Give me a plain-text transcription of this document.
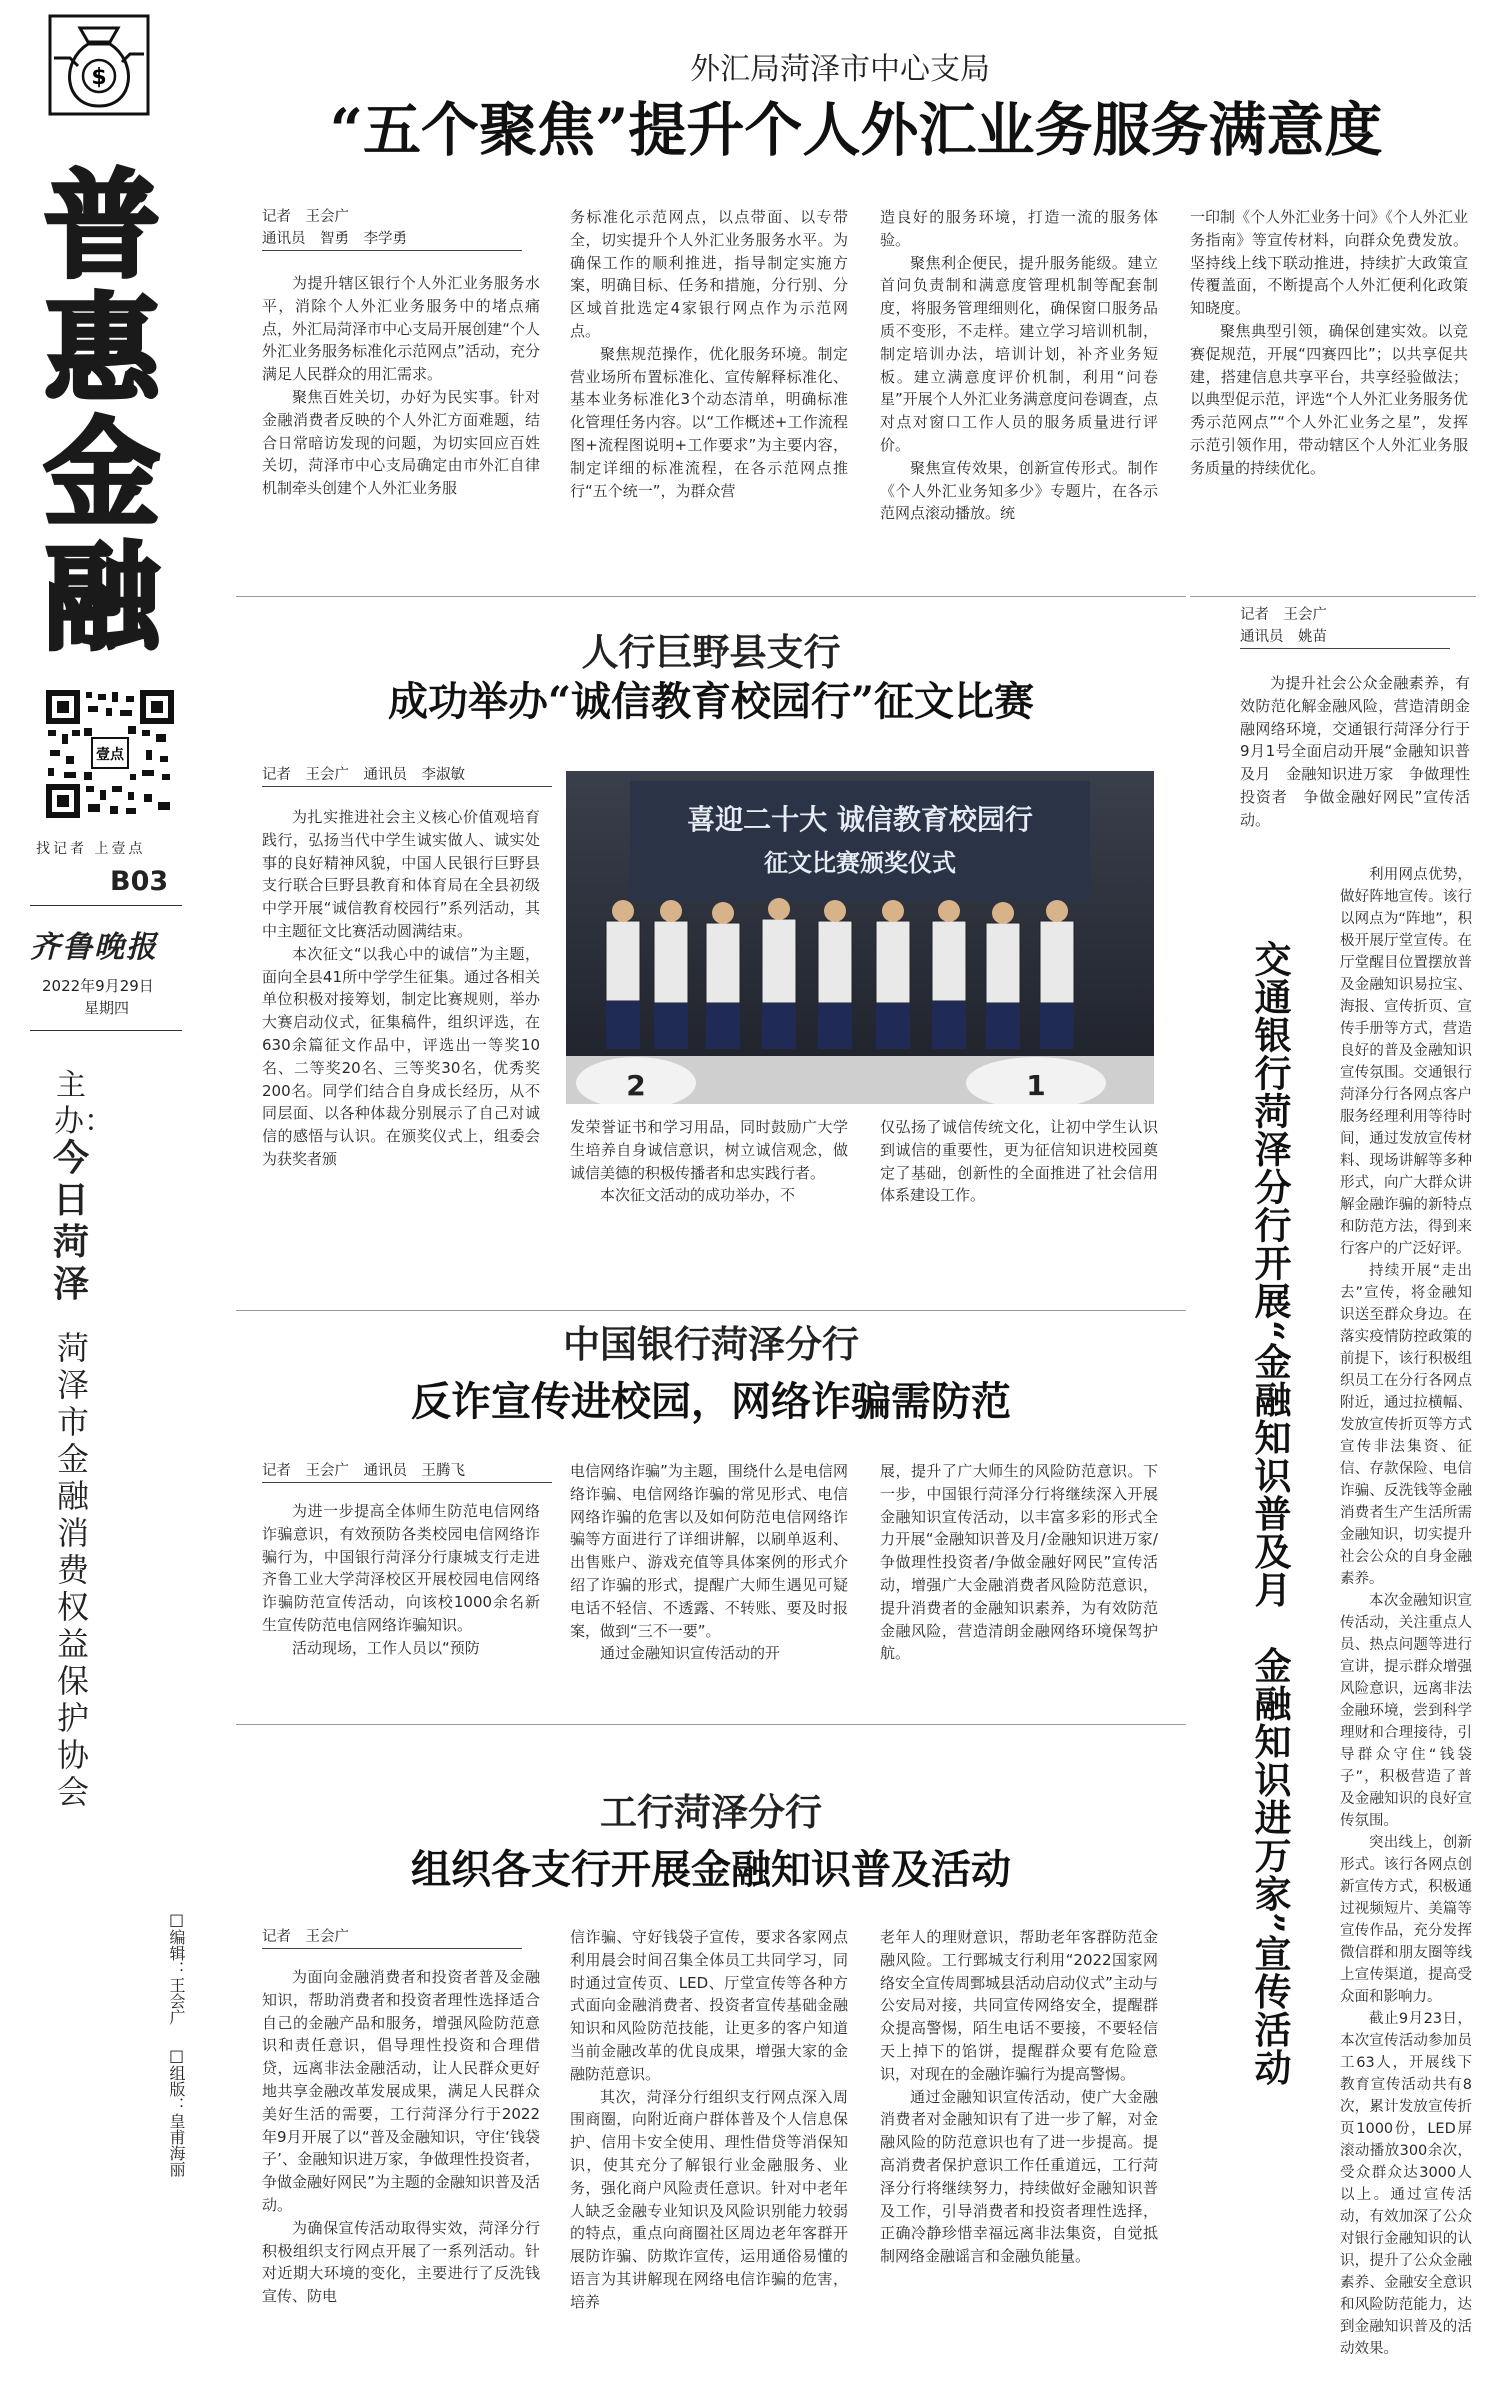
$
普
惠
金
融
壹点
找记者 上壹点
B03
齐鲁晚报
2022年9月29日
星期四
主办：
今日菏泽
菏泽市金融消费权益保护协会
□编辑：王会广 □组版：皇甫海丽
外汇局菏泽市中心支局
“五个聚焦”提升个人外汇业务服务满意度
记者　王会广
通讯员　智勇　李学勇

为提升辖区银行个人外汇业务服务水平，消除个人外汇业务服务中的堵点痛点，外汇局菏泽市中心支局开展创建“个人外汇业务服务标准化示范网点”活动，充分满足人民群众的用汇需求。

聚焦百姓关切，办好为民实事。针对金融消费者反映的个人外汇方面难题，结合日常暗访发现的问题，为切实回应百姓关切，菏泽市中心支局确定由市外汇自律机制牵头创建个人外汇业务服

务标准化示范网点，以点带面、以专带全，切实提升个人外汇业务服务水平。为确保工作的顺利推进，指导制定实施方案，明确目标、任务和措施，分行别、分区域首批选定4家银行网点作为示范网点。

聚焦规范操作，优化服务环境。制定营业场所布置标准化、宣传解释标准化、基本业务标准化3个动态清单，明确标准化管理任务内容。以“工作概述+工作流程图+流程图说明+工作要求”为主要内容，制定详细的标准流程，在各示范网点推行“五个统一”，为群众营

造良好的服务环境，打造一流的服务体验。

聚焦利企便民，提升服务能级。建立首问负责制和满意度管理机制等配套制度，将服务管理细则化，确保窗口服务品质不变形，不走样。建立学习培训机制，制定培训办法，培训计划，补齐业务短板。建立满意度评价机制，利用“问卷星”开展个人外汇业务满意度问卷调查，点对点对窗口工作人员的服务质量进行评价。

聚焦宣传效果，创新宣传形式。制作《个人外汇业务知多少》专题片，在各示范网点滚动播放。统

一印制《个人外汇业务十问》《个人外汇业务指南》等宣传材料，向群众免费发放。坚持线上线下联动推进，持续扩大政策宣传覆盖面，不断提高个人外汇便利化政策知晓度。

聚焦典型引领，确保创建实效。以竞赛促规范，开展“四赛四比”；以共享促共建，搭建信息共享平台，共享经验做法；以典型促示范，评选“个人外汇业务服务优秀示范网点”“个人外汇业务之星”，发挥示范引领作用，带动辖区个人外汇业务服务质量的持续优化。

人行巨野县支行
成功举办“诚信教育校园行”征文比赛
记者　王会广　通讯员　李淑敏
喜迎二十大 诚信教育校园行
征文比赛颁奖仪式
2	1

为扎实推进社会主义核心价值观培育践行，弘扬当代中学生诚实做人、诚实处事的良好精神风貌，中国人民银行巨野县支行联合巨野县教育和体育局在全县初级中学开展“诚信教育校园行”系列活动，其中主题征文比赛活动圆满结束。

本次征文“以我心中的诚信”为主题，面向全县41所中学学生征集。通过各相关单位积极对接筹划，制定比赛规则，举办大赛启动仪式，征集稿件，组织评选，在630余篇征文作品中，评选出一等奖10名、二等奖20名、三等奖30名，优秀奖200名。同学们结合自身成长经历，从不同层面、以各种体裁分别展示了自己对诚信的感悟与认识。在颁奖仪式上，组委会为获奖者颁

发荣誉证书和学习用品，同时鼓励广大学生培养自身诚信意识，树立诚信观念，做诚信美德的积极传播者和忠实践行者。

本次征文活动的成功举办，不

仅弘扬了诚信传统文化，让初中学生认识到诚信的重要性，更为征信知识进校园奠定了基础，创新性的全面推进了社会信用体系建设工作。

中国银行菏泽分行
反诈宣传进校园，网络诈骗需防范
记者　王会广　通讯员　王腾飞

为进一步提高全体师生防范电信网络诈骗意识，有效预防各类校园电信网络诈骗行为，中国银行菏泽分行康城支行走进齐鲁工业大学菏泽校区开展校园电信网络诈骗防范宣传活动，向该校1000余名新生宣传防范电信网络诈骗知识。

活动现场，工作人员以“预防

电信网络诈骗”为主题，围绕什么是电信网络诈骗、电信网络诈骗的常见形式、电信网络诈骗的危害以及如何防范电信网络诈骗等方面进行了详细讲解，以刷单返利、出售账户、游戏充值等具体案例的形式介绍了诈骗的形式，提醒广大师生遇见可疑电话不轻信、不透露、不转账、要及时报案，做到“三不一要”。

通过金融知识宣传活动的开

展，提升了广大师生的风险防范意识。下一步，中国银行菏泽分行将继续深入开展金融知识宣传活动，以丰富多彩的形式全力开展“金融知识普及月/金融知识进万家/争做理性投资者/争做金融好网民”宣传活动，增强广大金融消费者风险防范意识，提升消费者的金融知识素养，为有效防范金融风险，营造清朗金融网络环境保驾护航。

工行菏泽分行
组织各支行开展金融知识普及活动
记者　王会广

为面向金融消费者和投资者普及金融知识，帮助消费者和投资者理性选择适合自己的金融产品和服务，增强风险防范意识和责任意识，倡导理性投资和合理借贷，远离非法金融活动，让人民群众更好地共享金融改革发展成果，满足人民群众美好生活的需要，工行菏泽分行于2022年9月开展了以“普及金融知识，守住‘钱袋子’、金融知识进万家，争做理性投资者，争做金融好网民”为主题的金融知识普及活动。

为确保宣传活动取得实效，菏泽分行积极组织支行网点开展了一系列活动。针对近期大环境的变化，主要进行了反洗钱宣传、防电

信诈骗、守好钱袋子宣传，要求各家网点利用晨会时间召集全体员工共同学习，同时通过宣传页、LED、厅堂宣传等各种方式面向金融消费者、投资者宣传基础金融知识和风险防范技能，让更多的客户知道当前金融改革的优良成果，增强大家的金融防范意识。

其次，菏泽分行组织支行网点深入周围商圈，向附近商户群体普及个人信息保护、信用卡安全使用、理性借贷等消保知识，使其充分了解银行业金融服务、业务，强化商户风险责任意识。针对中老年人缺乏金融专业知识及风险识别能力较弱的特点，重点向商圈社区周边老年客群开展防诈骗、防欺诈宣传，运用通俗易懂的语言为其讲解现在网络电信诈骗的危害，培养

老年人的理财意识，帮助老年客群防范金融风险。工行鄄城支行利用“2022国家网络安全宣传周鄄城县活动启动仪式”主动与公安局对接，共同宣传网络安全，提醒群众提高警惕，陌生电话不要接，不要轻信天上掉下的馅饼，提醒群众要有危险意识，对现在的金融诈骗行为提高警惕。

通过金融知识宣传活动，使广大金融消费者对金融知识有了进一步了解，对金融风险的防范意识也有了进一步提高。提高消费者保护意识工作任重道远，工行菏泽分行将继续努力，持续做好金融知识普及工作，引导消费者和投资者理性选择，正确冷静珍惜幸福远离非法集资，自觉抵制网络金融谣言和金融负能量。

记者　王会广
通讯员　姚苗

为提升社会公众金融素养，有效防范化解金融风险，营造清朗金融网络环境，交通银行菏泽分行于9月1号全面启动开展“金融知识普及月　金融知识进万家　争做理性投资者　争做金融好网民”宣传活动。

交通银行菏泽分行开展“金融知识普及月　金融知识进万家”宣传活动

利用网点优势，做好阵地宣传。该行以网点为“阵地”，积极开展厅堂宣传。在厅堂醒目位置摆放普及金融知识易拉宝、海报、宣传折页、宣传手册等方式，营造良好的普及金融知识宣传氛围。交通银行菏泽分行各网点客户服务经理利用等待时间，通过发放宣传材料、现场讲解等多种形式，向广大群众讲解金融诈骗的新特点和防范方法，得到来行客户的广泛好评。

持续开展“走出去”宣传，将金融知识送至群众身边。在落实疫情防控政策的前提下，该行积极组织员工在分行各网点附近，通过拉横幅、发放宣传折页等方式宣传非法集资、征信、存款保险、电信诈骗、反洗钱等金融消费者生产生活所需金融知识，切实提升社会公众的自身金融素养。

本次金融知识宣传活动，关注重点人员、热点问题等进行宣讲，提示群众增强风险意识，远离非法金融环境，尝到科学理财和合理接待，引导群众守住“钱袋子”，积极营造了普及金融知识的良好宣传氛围。

突出线上，创新形式。该行各网点创新宣传方式，积极通过视频短片、美篇等宣传作品，充分发挥微信群和朋友圈等线上宣传渠道，提高受众面和影响力。

截止9月23日，本次宣传活动参加员工63人，开展线下教育宣传活动共有8次，累计发放宣传折页1000份，LED屏滚动播放300余次，受众群众达3000人以上。通过宣传活动，有效加深了公众对银行金融知识的认识，提升了公众金融素养、金融安全意识和风险防范能力，达到金融知识普及的活动效果。
